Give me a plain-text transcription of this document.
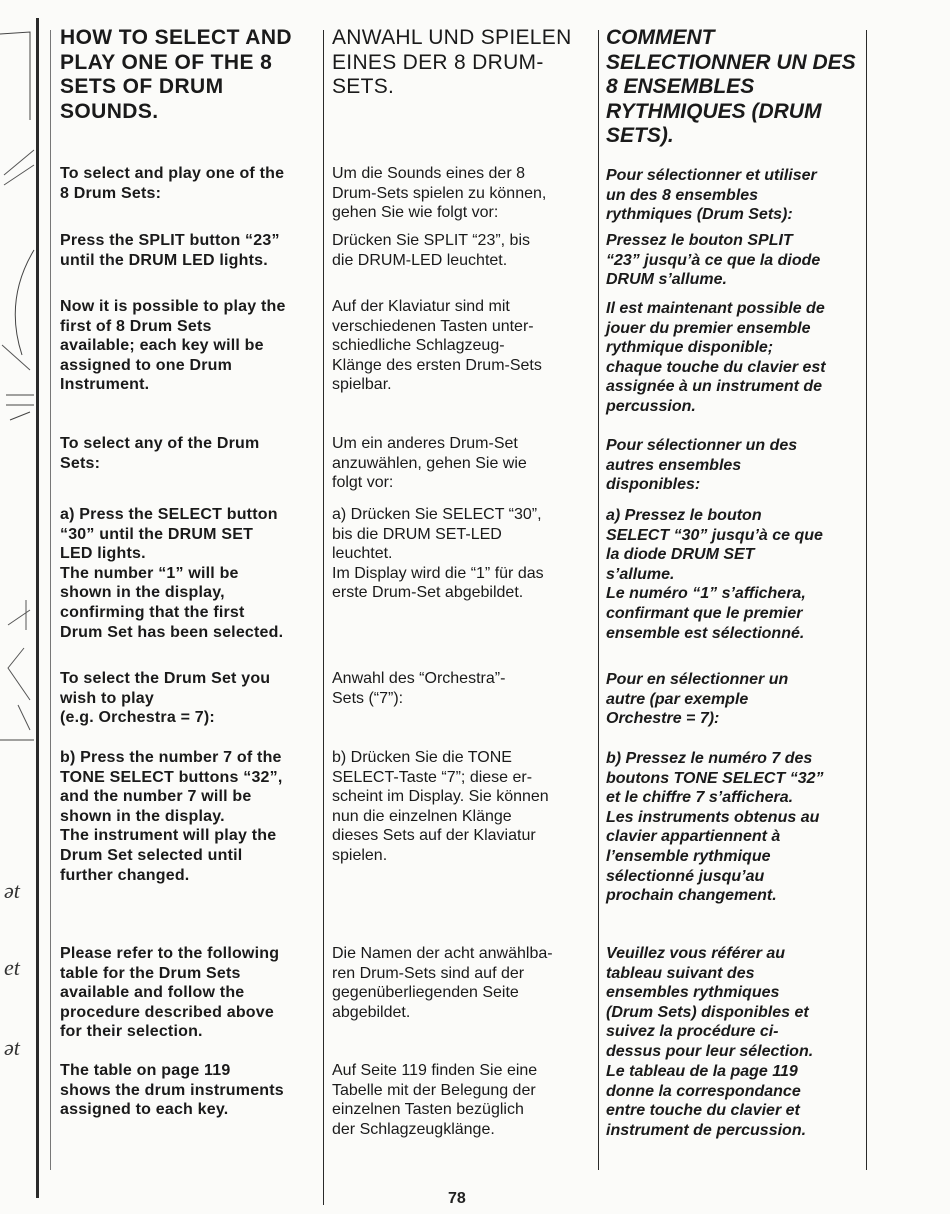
ət
et
ət
HOW TO SELECT AND
PLAY ONE OF THE 8
SETS OF DRUM
SOUNDS.

To select and play one of the
8 Drum Sets:

Press the SPLIT button “23”
until the DRUM LED lights.

Now it is possible to play the
first of 8 Drum Sets
available; each key will be
assigned to one Drum
Instrument.

To select any of the Drum
Sets:

a) Press the SELECT button
“30” until the DRUM SET
LED lights.
The number “1” will be
shown in the display,
confirming that the first
Drum Set has been selected.

To select the Drum Set you
wish to play
(e.g. Orchestra = 7):

b) Press the number 7 of the
TONE SELECT buttons “32”,
and the number 7 will be
shown in the display.
The instrument will play the
Drum Set selected until
further changed.

Please refer to the following
table for the Drum Sets
available and follow the
procedure described above
for their selection.

The table on page 119
shows the drum instruments
assigned to each key.

ANWAHL UND SPIELEN
EINES DER 8 DRUM-
SETS.

Um die Sounds eines der 8
Drum-Sets spielen zu können,
gehen Sie wie folgt vor:

Drücken Sie SPLIT “23”, bis
die DRUM-LED leuchtet.

Auf der Klaviatur sind mit
verschiedenen Tasten unter-
schiedliche Schlagzeug-
Klänge des ersten Drum-Sets
spielbar.

Um ein anderes Drum-Set
anzuwählen, gehen Sie wie
folgt vor:

a) Drücken Sie SELECT “30”,
bis die DRUM SET-LED
leuchtet.
Im Display wird die “1” für das
erste Drum-Set abgebildet.

Anwahl des “Orchestra”-
Sets (“7”):

b) Drücken Sie die TONE
SELECT-Taste “7”; diese er-
scheint im Display. Sie können
nun die einzelnen Klänge
dieses Sets auf der Klaviatur
spielen.

Die Namen der acht anwählba-
ren Drum-Sets sind auf der
gegenüberliegenden Seite
abgebildet.

Auf Seite 119 finden Sie eine
Tabelle mit der Belegung der
einzelnen Tasten bezüglich
der Schlagzeugklänge.

COMMENT
SELECTIONNER UN DES
8 ENSEMBLES
RYTHMIQUES (DRUM
SETS).

Pour sélectionner et utiliser
un des 8 ensembles
rythmiques (Drum Sets):

Pressez le bouton SPLIT
“23” jusqu’à ce que la diode
DRUM s’allume.

Il est maintenant possible de
jouer du premier ensemble
rythmique disponible;
chaque touche du clavier est
assignée à un instrument de
percussion.

Pour sélectionner un des
autres ensembles
disponibles:

a) Pressez le bouton
SELECT “30” jusqu’à ce que
la diode DRUM SET
s’allume.
Le numéro “1” s’affichera,
confirmant que le premier
ensemble est sélectionné.

Pour en sélectionner un
autre (par exemple
Orchestre = 7):

b) Pressez le numéro 7 des
boutons TONE SELECT “32”
et le chiffre 7 s’affichera.
Les instruments obtenus au
clavier appartiennent à
l’ensemble rythmique
sélectionné jusqu’au
prochain changement.

Veuillez vous référer au
tableau suivant des
ensembles rythmiques
(Drum Sets) disponibles et
suivez la procédure ci-
dessus pour leur sélection.

Le tableau de la page 119
donne la correspondance
entre touche du clavier et
instrument de percussion.

78
